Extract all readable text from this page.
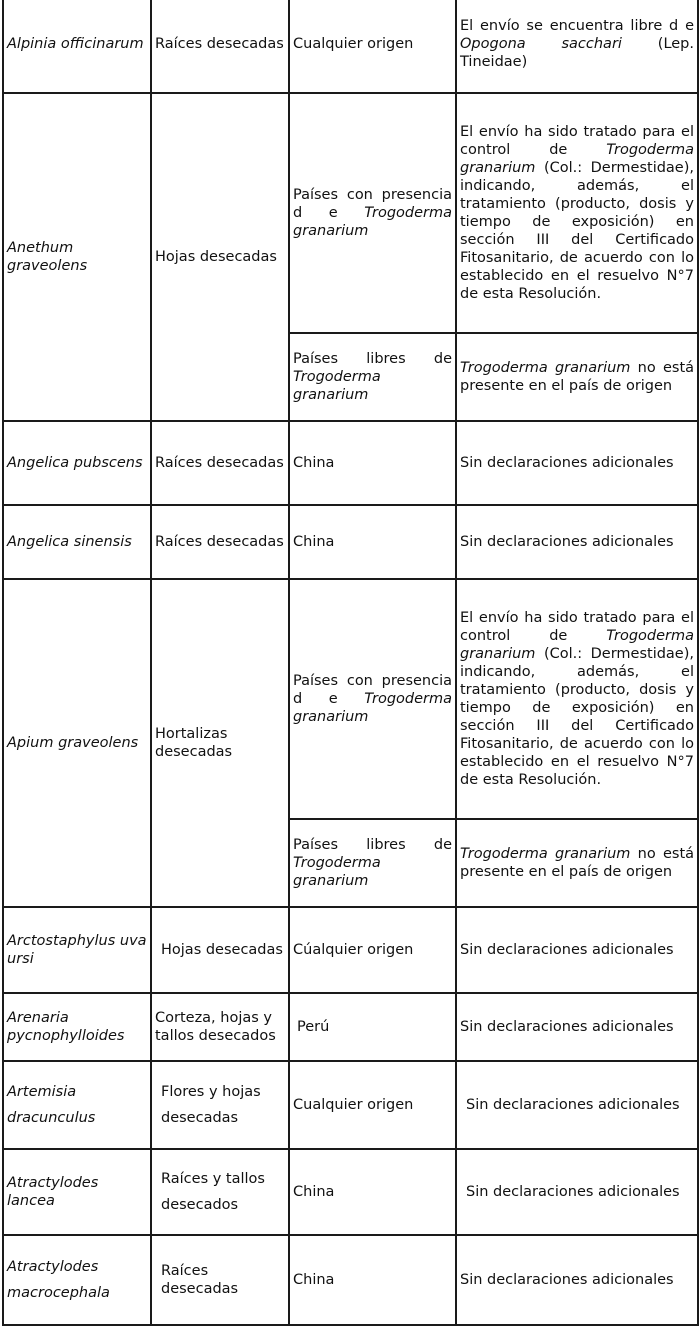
Alpinia officinarum	Raíces desecadas	Cualquier origen	El envío se encuentra libre d e Opogona sacchari (Lep. Tineidae)
Anethum graveolens	Hojas desecadas	Países con presencia d e Trogoderma granarium	El envío ha sido tratado para el control de Trogoderma granarium (Col.: Dermestidae), indicando, además, el tratamiento (producto, dosis y tiempo de exposición) en sección III del Certificado Fitosanitario, de acuerdo con lo establecido en el resuelvo N°7 de esta Resolución.
		Países libres de Trogoderma granarium	Trogoderma granarium no está presente en el país de origen
Angelica pubscens	Raíces desecadas	China	Sin declaraciones adicionales
Angelica sinensis	Raíces desecadas	China	Sin declaraciones adicionales
Apium graveolens	Hortalizas desecadas	Países con presencia d e Trogoderma granarium	El envío ha sido tratado para el control de Trogoderma granarium (Col.: Dermestidae), indicando, además, el tratamiento (producto, dosis y tiempo de exposición) en sección III del Certificado Fitosanitario, de acuerdo con lo establecido en el resuelvo N°7 de esta Resolución.
		Países libres de Trogoderma granarium	Trogoderma granarium no está presente en el país de origen
Arctostaphylus uva ursi	Hojas desecadas	Cúalquier origen	Sin declaraciones adicionales
Arenaria pycnophylloides	Corteza, hojas y tallos desecados	Perú	Sin declaraciones adicionales
Artemisia dracunculus	Flores y hojas desecadas	Cualquier origen	Sin declaraciones adicionales
Atractylodes lancea	Raíces y tallos desecados	China	Sin declaraciones adicionales
Atractylodes macrocephala	Raíces desecadas	China	Sin declaraciones adicionales
